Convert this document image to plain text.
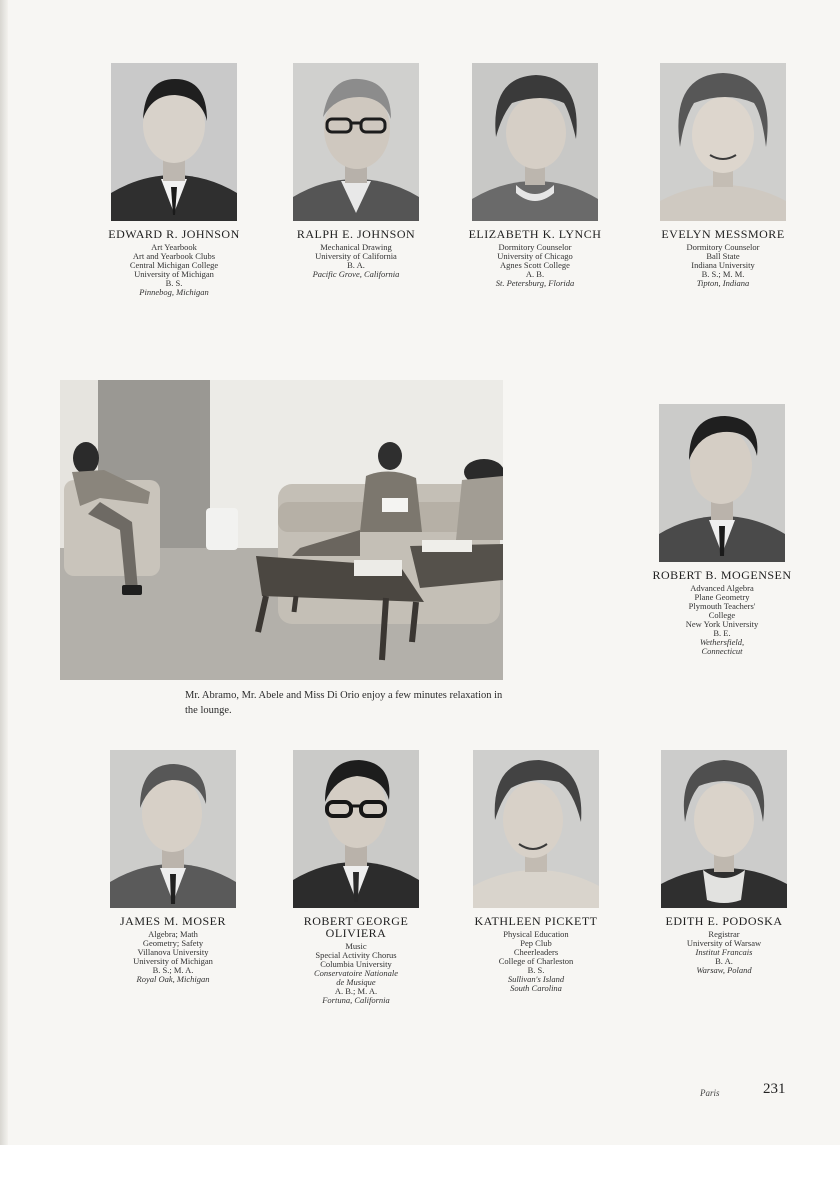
EDWARD R. JOHNSON
Art Yearbook
Art and Yearbook Clubs
Central Michigan College
University of Michigan
B. S.
Pinnebog, Michigan
RALPH E. JOHNSON
Mechanical Drawing
University of California
B. A.
Pacific Grove, California
ELIZABETH K. LYNCH
Dormitory Counselor
University of Chicago
Agnes Scott College
A. B.
St. Petersburg, Florida
EVELYN MESSMORE
Dormitory Counselor
Ball State
Indiana University
B. S.; M. M.
Tipton, Indiana
Mr. Abramo, Mr. Abele and Miss Di Orio enjoy a few minutes relaxation in the lounge.
ROBERT B. MOGENSEN
Advanced Algebra
Plane Geometry
Plymouth Teachers'
College
New York University
B. E.
Wethersfield,
Connecticut
JAMES M. MOSER
Algebra; Math
Geometry; Safety
Villanova University
University of Michigan
B. S.; M. A.
Royal Oak, Michigan
ROBERT GEORGE OLIVIERA
Music
Special Activity Chorus
Columbia University
Conservatoire Nationale
de Musique
A. B.; M. A.
Fortuna, California
KATHLEEN PICKETT
Physical Education
Pep Club
Cheerleaders
College of Charleston
B. S.
Sullivan's Island
South Carolina
EDITH E. PODOSKA
Registrar
University of Warsaw
Institut Francais
B. A.
Warsaw, Poland
Paris	231
